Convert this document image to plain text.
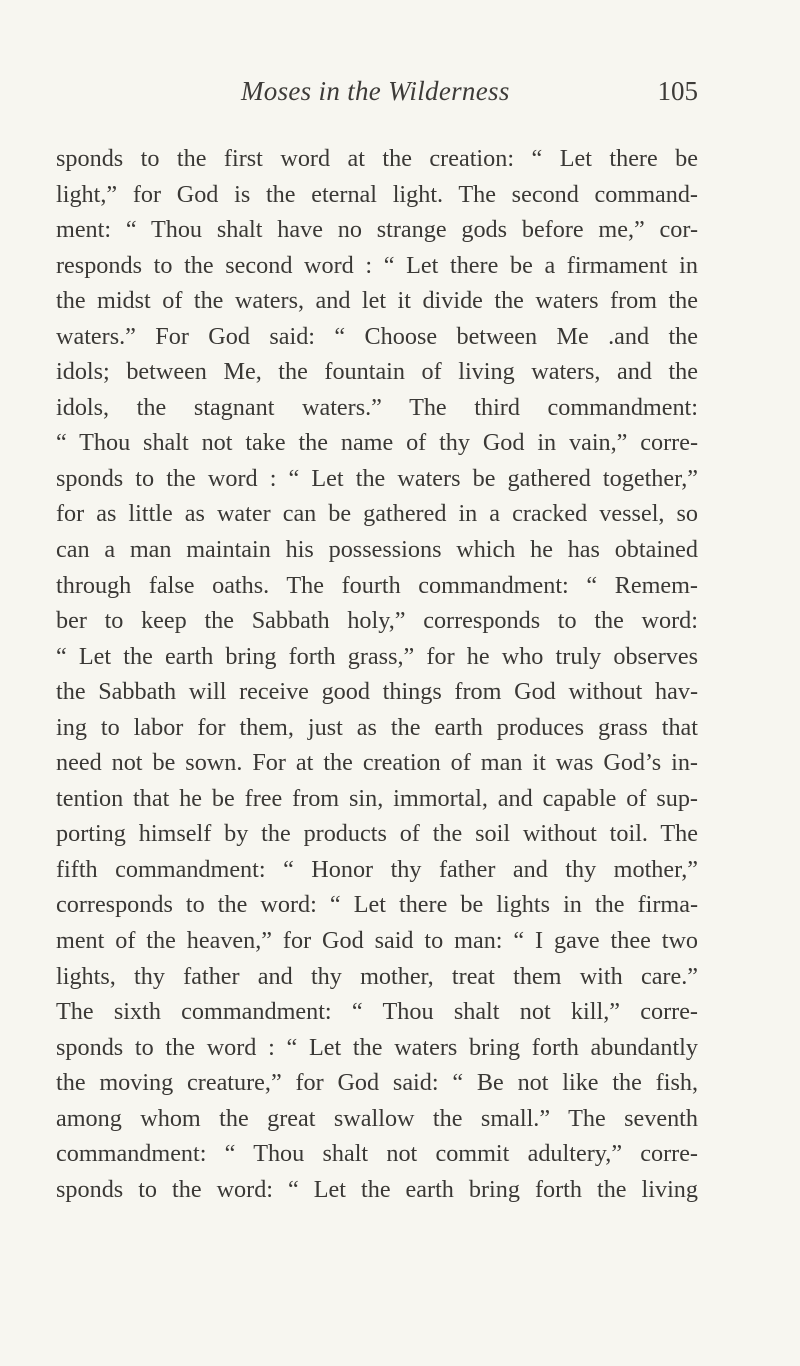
Moses in the Wilderness	105
sponds to the first word at the creation: “ Let there be
light,” for God is the eternal light. The second command-
ment: “ Thou shalt have no strange gods before me,” cor-
responds to the second word : “ Let there be a firmament in
the midst of the waters, and let it divide the waters from the
waters.” For God said: “ Choose between Me .and the
idols; between Me, the fountain of living waters, and the
idols, the stagnant waters.” The third commandment:
“ Thou shalt not take the name of thy God in vain,” corre-
sponds to the word : “ Let the waters be gathered together,”
for as little as water can be gathered in a cracked vessel, so
can a man maintain his possessions which he has obtained
through false oaths. The fourth commandment: “ Remem-
ber to keep the Sabbath holy,” corresponds to the word:
“ Let the earth bring forth grass,” for he who truly observes
the Sabbath will receive good things from God without hav-
ing to labor for them, just as the earth produces grass that
need not be sown. For at the creation of man it was God’s in-
tention that he be free from sin, immortal, and capable of sup-
porting himself by the products of the soil without toil. The
fifth commandment: “ Honor thy father and thy mother,”
corresponds to the word: “ Let there be lights in the firma-
ment of the heaven,” for God said to man: “ I gave thee two
lights, thy father and thy mother, treat them with care.”
The sixth commandment: “ Thou shalt not kill,” corre-
sponds to the word : “ Let the waters bring forth abundantly
the moving creature,” for God said: “ Be not like the fish,
among whom the great swallow the small.” The seventh
commandment: “ Thou shalt not commit adultery,” corre-
sponds to the word: “ Let the earth bring forth the living
